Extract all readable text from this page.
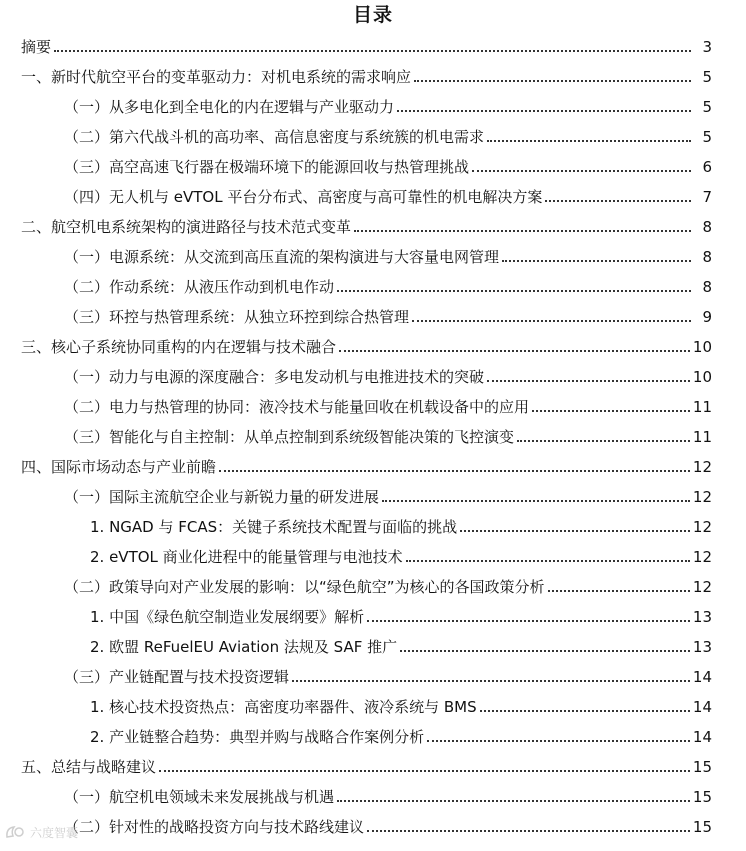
目录
摘要	3
一、新时代航空平台的变革驱动力：对机电系统的需求响应	5
（一）从多电化到全电化的内在逻辑与产业驱动力	5
（二）第六代战斗机的高功率、高信息密度与系统簇的机电需求	5
（三）高空高速飞行器在极端环境下的能源回收与热管理挑战	6
（四）无人机与 eVTOL 平台分布式、高密度与高可靠性的机电解决方案	7
二、航空机电系统架构的演进路径与技术范式变革	8
（一）电源系统：从交流到高压直流的架构演进与大容量电网管理	8
（二）作动系统：从液压作动到机电作动	8
（三）环控与热管理系统：从独立环控到综合热管理	9
三、核心子系统协同重构的内在逻辑与技术融合	10
（一）动力与电源的深度融合：多电发动机与电推进技术的突破	10
（二）电力与热管理的协同：液冷技术与能量回收在机载设备中的应用	11
（三）智能化与自主控制：从单点控制到系统级智能决策的飞控演变	11
四、国际市场动态与产业前瞻	12
（一）国际主流航空企业与新锐力量的研发进展	12
1. NGAD 与 FCAS：关键子系统技术配置与面临的挑战	12
2. eVTOL 商业化进程中的能量管理与电池技术	12
（二）政策导向对产业发展的影响：以“绿色航空”为核心的各国政策分析	12
1. 中国《绿色航空制造业发展纲要》解析	13
2. 欧盟 ReFuelEU Aviation 法规及 SAF 推广	13
（三）产业链配置与技术投资逻辑	14
1. 核心技术投资热点：高密度功率器件、液冷系统与 BMS	14
2. 产业链整合趋势：典型并购与战略合作案例分析	14
五、总结与战略建议	15
（一）航空机电领域未来发展挑战与机遇	15
（二）针对性的战略投资方向与技术路线建议	15
六度智囊
